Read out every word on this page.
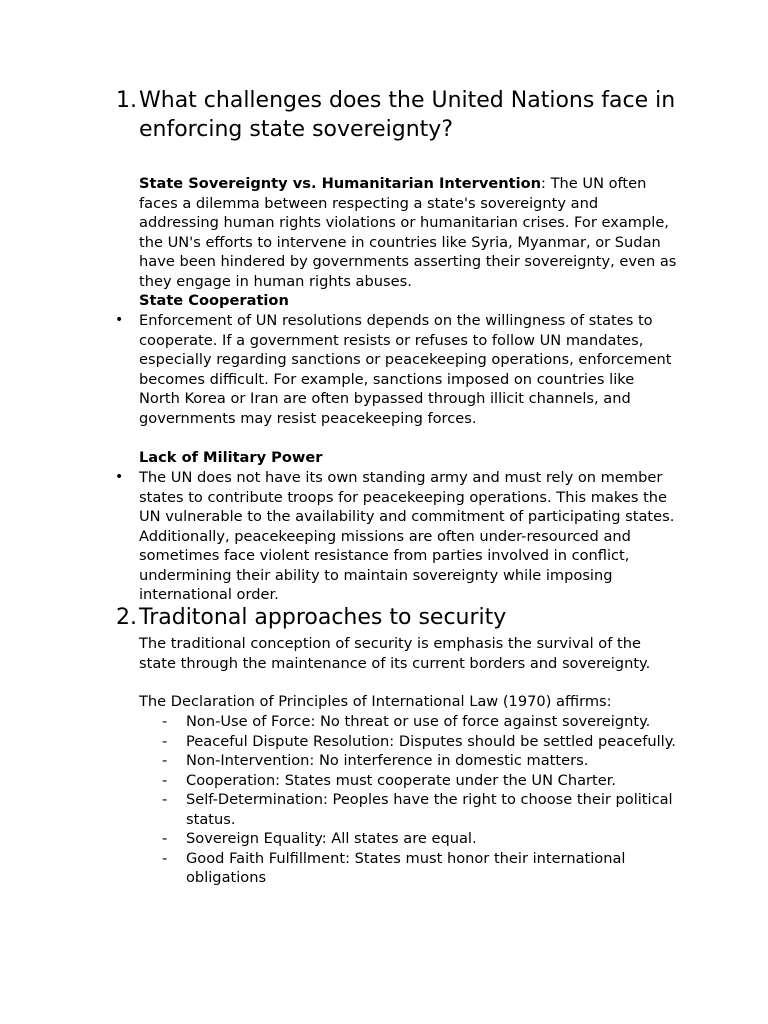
1. What challenges does the United Nations face in enforcing state sovereignty?

State Sovereignty vs. Humanitarian Intervention: The UN often faces a dilemma between respecting a state's sovereignty and addressing human rights violations or humanitarian crises. For example, the UN's efforts to intervene in countries like Syria, Myanmar, or Sudan have been hindered by governments asserting their sovereignty, even as they engage in human rights abuses.

State Cooperation

• Enforcement of UN resolutions depends on the willingness of states to cooperate. If a government resists or refuses to follow UN mandates, especially regarding sanctions or peacekeeping operations, enforcement becomes difficult. For example, sanctions imposed on countries like North Korea or Iran are often bypassed through illicit channels, and governments may resist peacekeeping forces.

Lack of Military Power

• The UN does not have its own standing army and must rely on member states to contribute troops for peacekeeping operations. This makes the UN vulnerable to the availability and commitment of participating states. Additionally, peacekeeping missions are often under-resourced and sometimes face violent resistance from parties involved in conflict, undermining their ability to maintain sovereignty while imposing international order.
2. Traditonal approaches to security

The traditional conception of security is emphasis the survival of the state through the maintenance of its current borders and sovereignty.

The Declaration of Principles of International Law (1970) affirms:

- Non-Use of Force: No threat or use of force against sovereignty.
- Peaceful Dispute Resolution: Disputes should be settled peacefully.
- Non-Intervention: No interference in domestic matters.
- Cooperation: States must cooperate under the UN Charter.
- Self-Determination: Peoples have the right to choose their political status.
- Sovereign Equality: All states are equal.
- Good Faith Fulfillment: States must honor their international obligations
